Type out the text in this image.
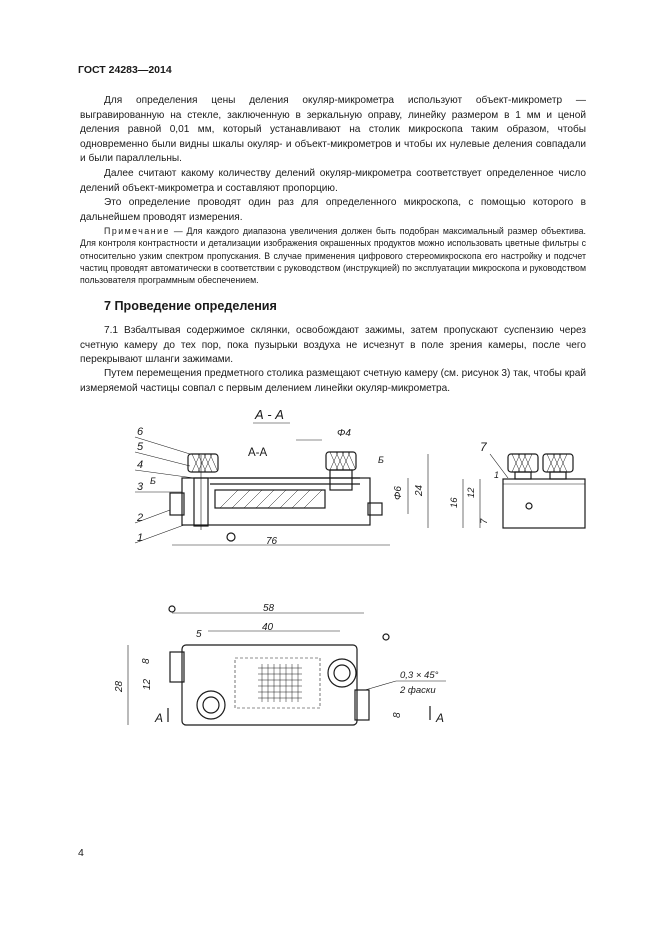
ГОСТ 24283—2014

Для определения цены деления окуляр-микрометра используют объект-микрометр — выгравированную на стекле, заключенную в зеркальную оправу, линейку размером в 1 мм и ценой деления равной 0,01 мм, который устанавливают на столик микроскопа таким образом, чтобы одновременно были видны шкалы окуляр- и объект-микрометров и чтобы их нулевые деления совпадали и были параллельны.

Далее считают какому количеству делений окуляр-микрометра соответствует определенное число делений объект-микрометра и составляют пропорцию.

Это определение проводят один раз для определенного микроскопа, с помощью которого в дальнейшем проводят измерения.

Примечание — Для каждого диапазона увеличения должен быть подобран максимальный размер объектива. Для контроля контрастности и детализации изображения окрашенных продуктов можно использовать цветные фильтры с относительно узким спектром пропускания. В случае применения цифрового стереомикроскопа его настройку и подсчет частиц проводят автоматически в соответствии с руководством (инструкцией) по эксплуатации микроскопа и руководством пользователя программным обеспечением.

7 Проведение определения

7.1 Взбалтывая содержимое склянки, освобождают зажимы, затем пропускают суспензию через счетную камеру до тех пор, пока пузырьки воздуха не исчезнут в поле зрения камеры, после чего перекрывают шланги зажимами.

Путем перемещения предметного столика размещают счетную камеру (см. рисунок 3) так, чтобы край измеряемой частицы совпал с первым делением линейки окуляр-микрометра.

А - А
А-А
76
Φ4
Φ6 24
Б
Б
6
5
4
3
2
1
16
12
7
1
7
58
40
5
28 12
8
8
0,3 × 45°
2 фаски
А	А
4
